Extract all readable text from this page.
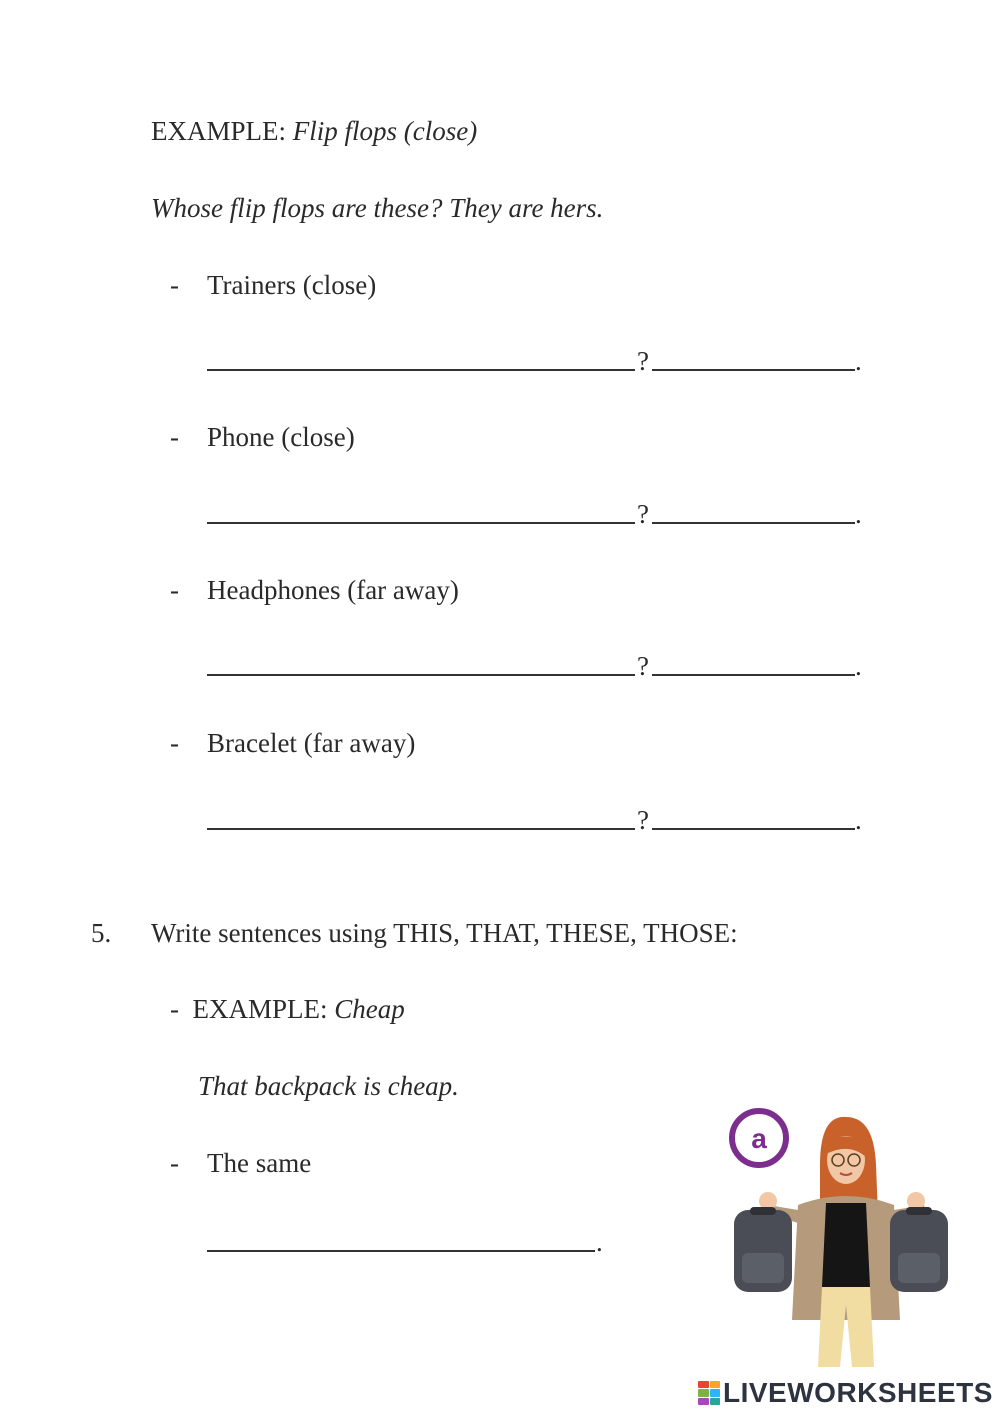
EXAMPLE: Flip flops (close)
Whose flip flops are these? They are hers.
- Trainers (close)
?	.
- Phone (close)
?	.
- Headphones (far away)
?	.
- Bracelet (far away)
?	.
5. Write sentences using THIS, THAT, THESE, THOSE:
-  EXAMPLE: Cheap
That backpack is cheap.
- The same
.
a
LIVEWORKSHEETS
